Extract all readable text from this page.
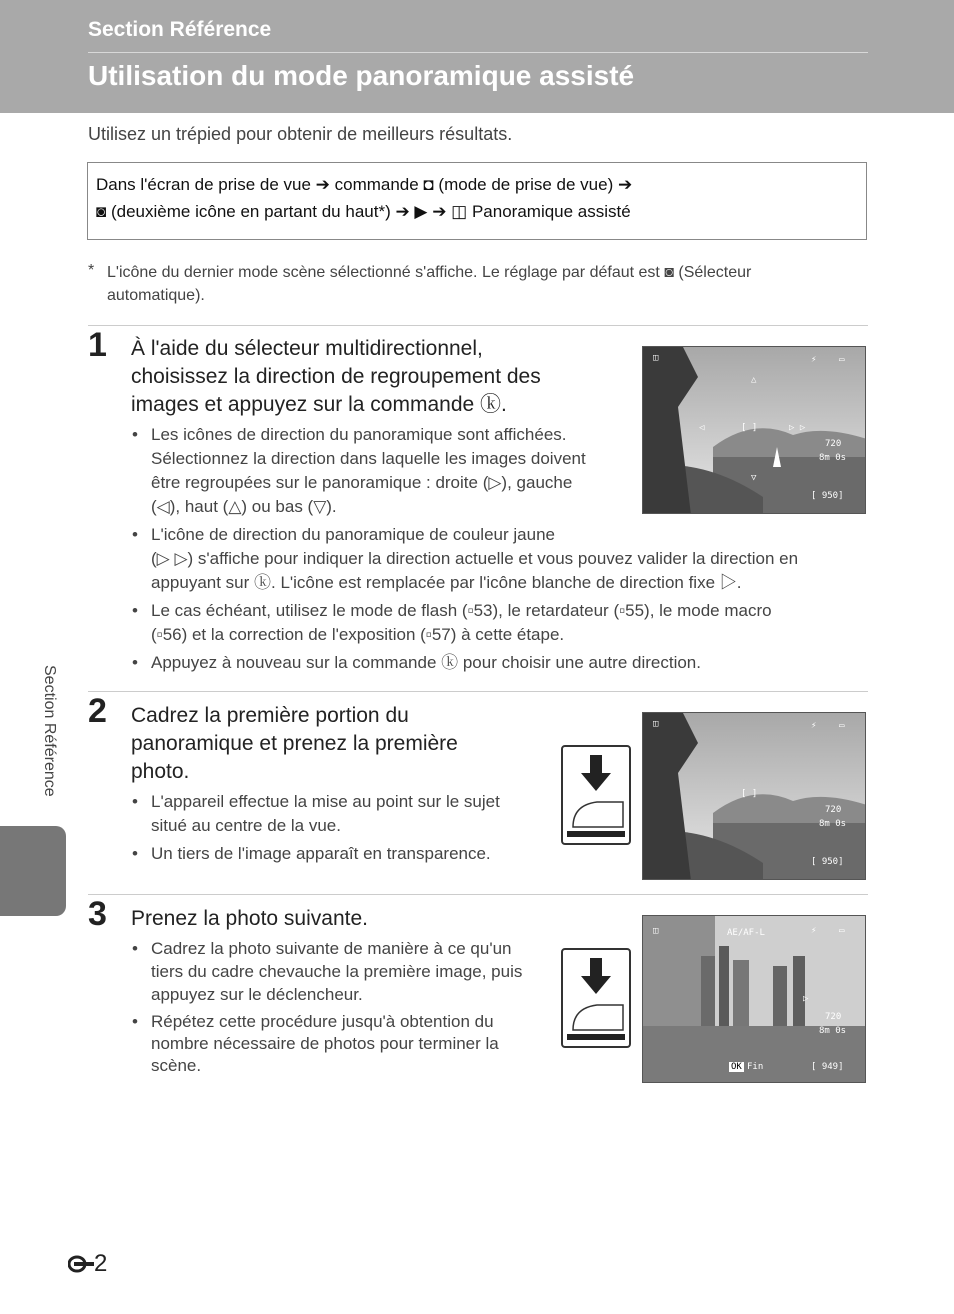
Section Référence
Utilisation du mode panoramique assisté
Utilisez un trépied pour obtenir de meilleurs résultats.
Dans l'écran de prise de vue ➔ commande ◘ (mode de prise de vue) ➔
◙ (deuxième icône en partant du haut*) ➔ ▶ ➔ ◫ Panoramique assisté
* L'icône du dernier mode scène sélectionné s'affiche. Le réglage par défaut est ◙ (Sélecteur automatique).
1 À l'aide du sélecteur multidirectionnel,
choisissez la direction de regroupement des
images et appuyez sur la commande ⓚ.
• Les icônes de direction du panoramique sont affichées.
Sélectionnez la direction dans laquelle les images doivent
être regroupées sur le panoramique : droite (▷), gauche
(◁), haut (△) ou bas (▽).
• L'icône de direction du panoramique de couleur jaune
(▷ ▷) s'affiche pour indiquer la direction actuelle et vous pouvez valider la direction en
appuyant sur ⓚ. L'icône est remplacée par l'icône blanche de direction fixe ▷.
• Le cas échéant, utilisez le mode de flash (▫53), le retardateur (▫55), le mode macro
(▫56) et la correction de l'exposition (▫57) à cette étape.
• Appuyez à nouveau sur la commande ⓚ pour choisir une autre direction.
◫	⚡	▭
△
◁	[ ]	▷ ▷
▽
720
8m 0s
[ 950]
2 Cadrez la première portion du
panoramique et prenez la première
photo.
• L'appareil effectue la mise au point sur le sujet
situé au centre de la vue.
• Un tiers de l'image apparaît en transparence.
◫	⚡	▭
[ ]
720
8m 0s
[ 950]
3 Prenez la photo suivante.
• Cadrez la photo suivante de manière à ce qu'un
tiers du cadre chevauche la première image, puis
appuyez sur le déclencheur.
• Répétez cette procédure jusqu'à obtention du
nombre nécessaire de photos pour terminer la
scène.
◫	AE/AF-L	⚡	▭
▷
720
8m 0s
OK Fin	[ 949]
Section Référence
2
